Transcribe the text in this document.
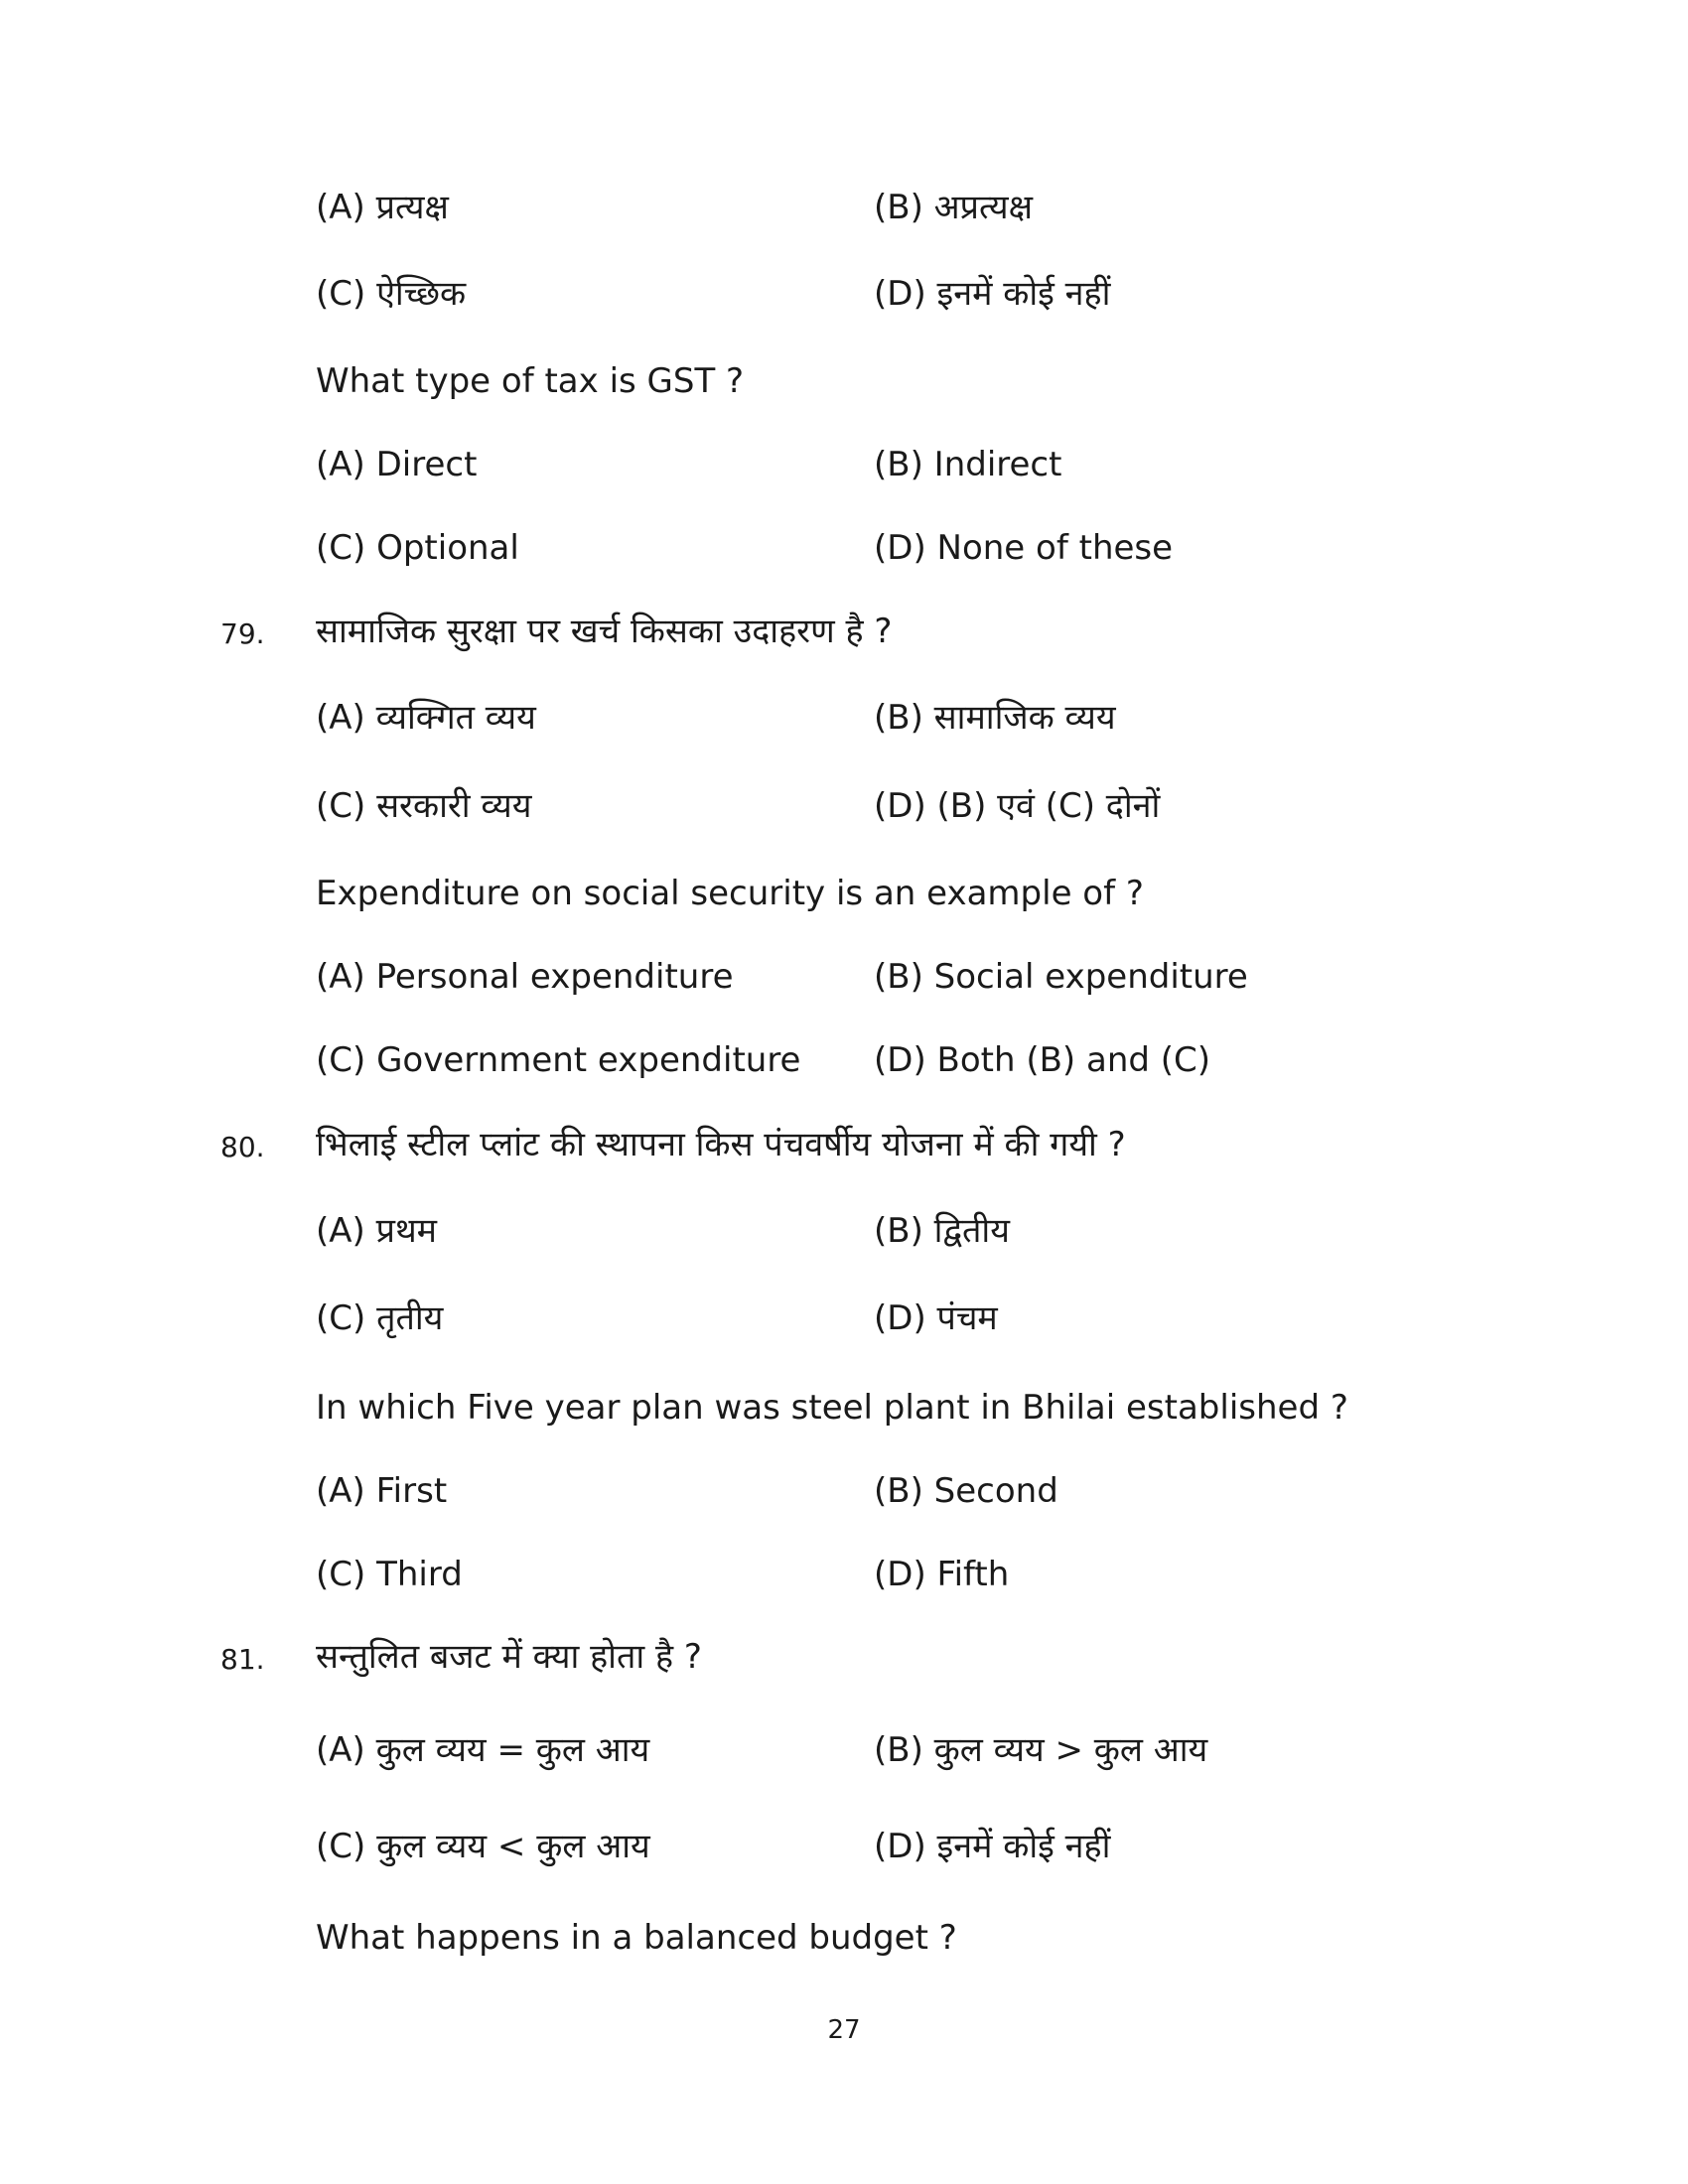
(A) प्रत्यक्ष	(B) अप्रत्यक्ष
(C) ऐच्छिक	(D) इनमें कोई नहीं
What type of tax is GST ?
(A) Direct	(B) Indirect
(C) Optional	(D) None of these
79. सामाजिक सुरक्षा पर खर्च किसका उदाहरण है ?
(A) व्यक्गित व्यय	(B) सामाजिक व्यय
(C) सरकारी व्यय	(D) (B) एवं (C) दोनों
Expenditure on social security is an example of ?
(A) Personal expenditure	(B) Social expenditure
(C) Government expenditure (D) Both (B) and (C)
80. भिलाई स्टील प्लांट की स्थापना किस पंचवर्षीय योजना में की गयी ?
(A) प्रथम	(B) द्वितीय
(C) तृतीय	(D) पंचम
In which Five year plan was steel plant in Bhilai established ?
(A) First	(B) Second
(C) Third	(D) Fifth
81. सन्तुलित बजट में क्या होता है ?
(A) कुल व्यय = कुल आय	(B) कुल व्यय > कुल आय
(C) कुल व्यय < कुल आय	(D) इनमें कोई नहीं
What happens in a balanced budget ?
27
